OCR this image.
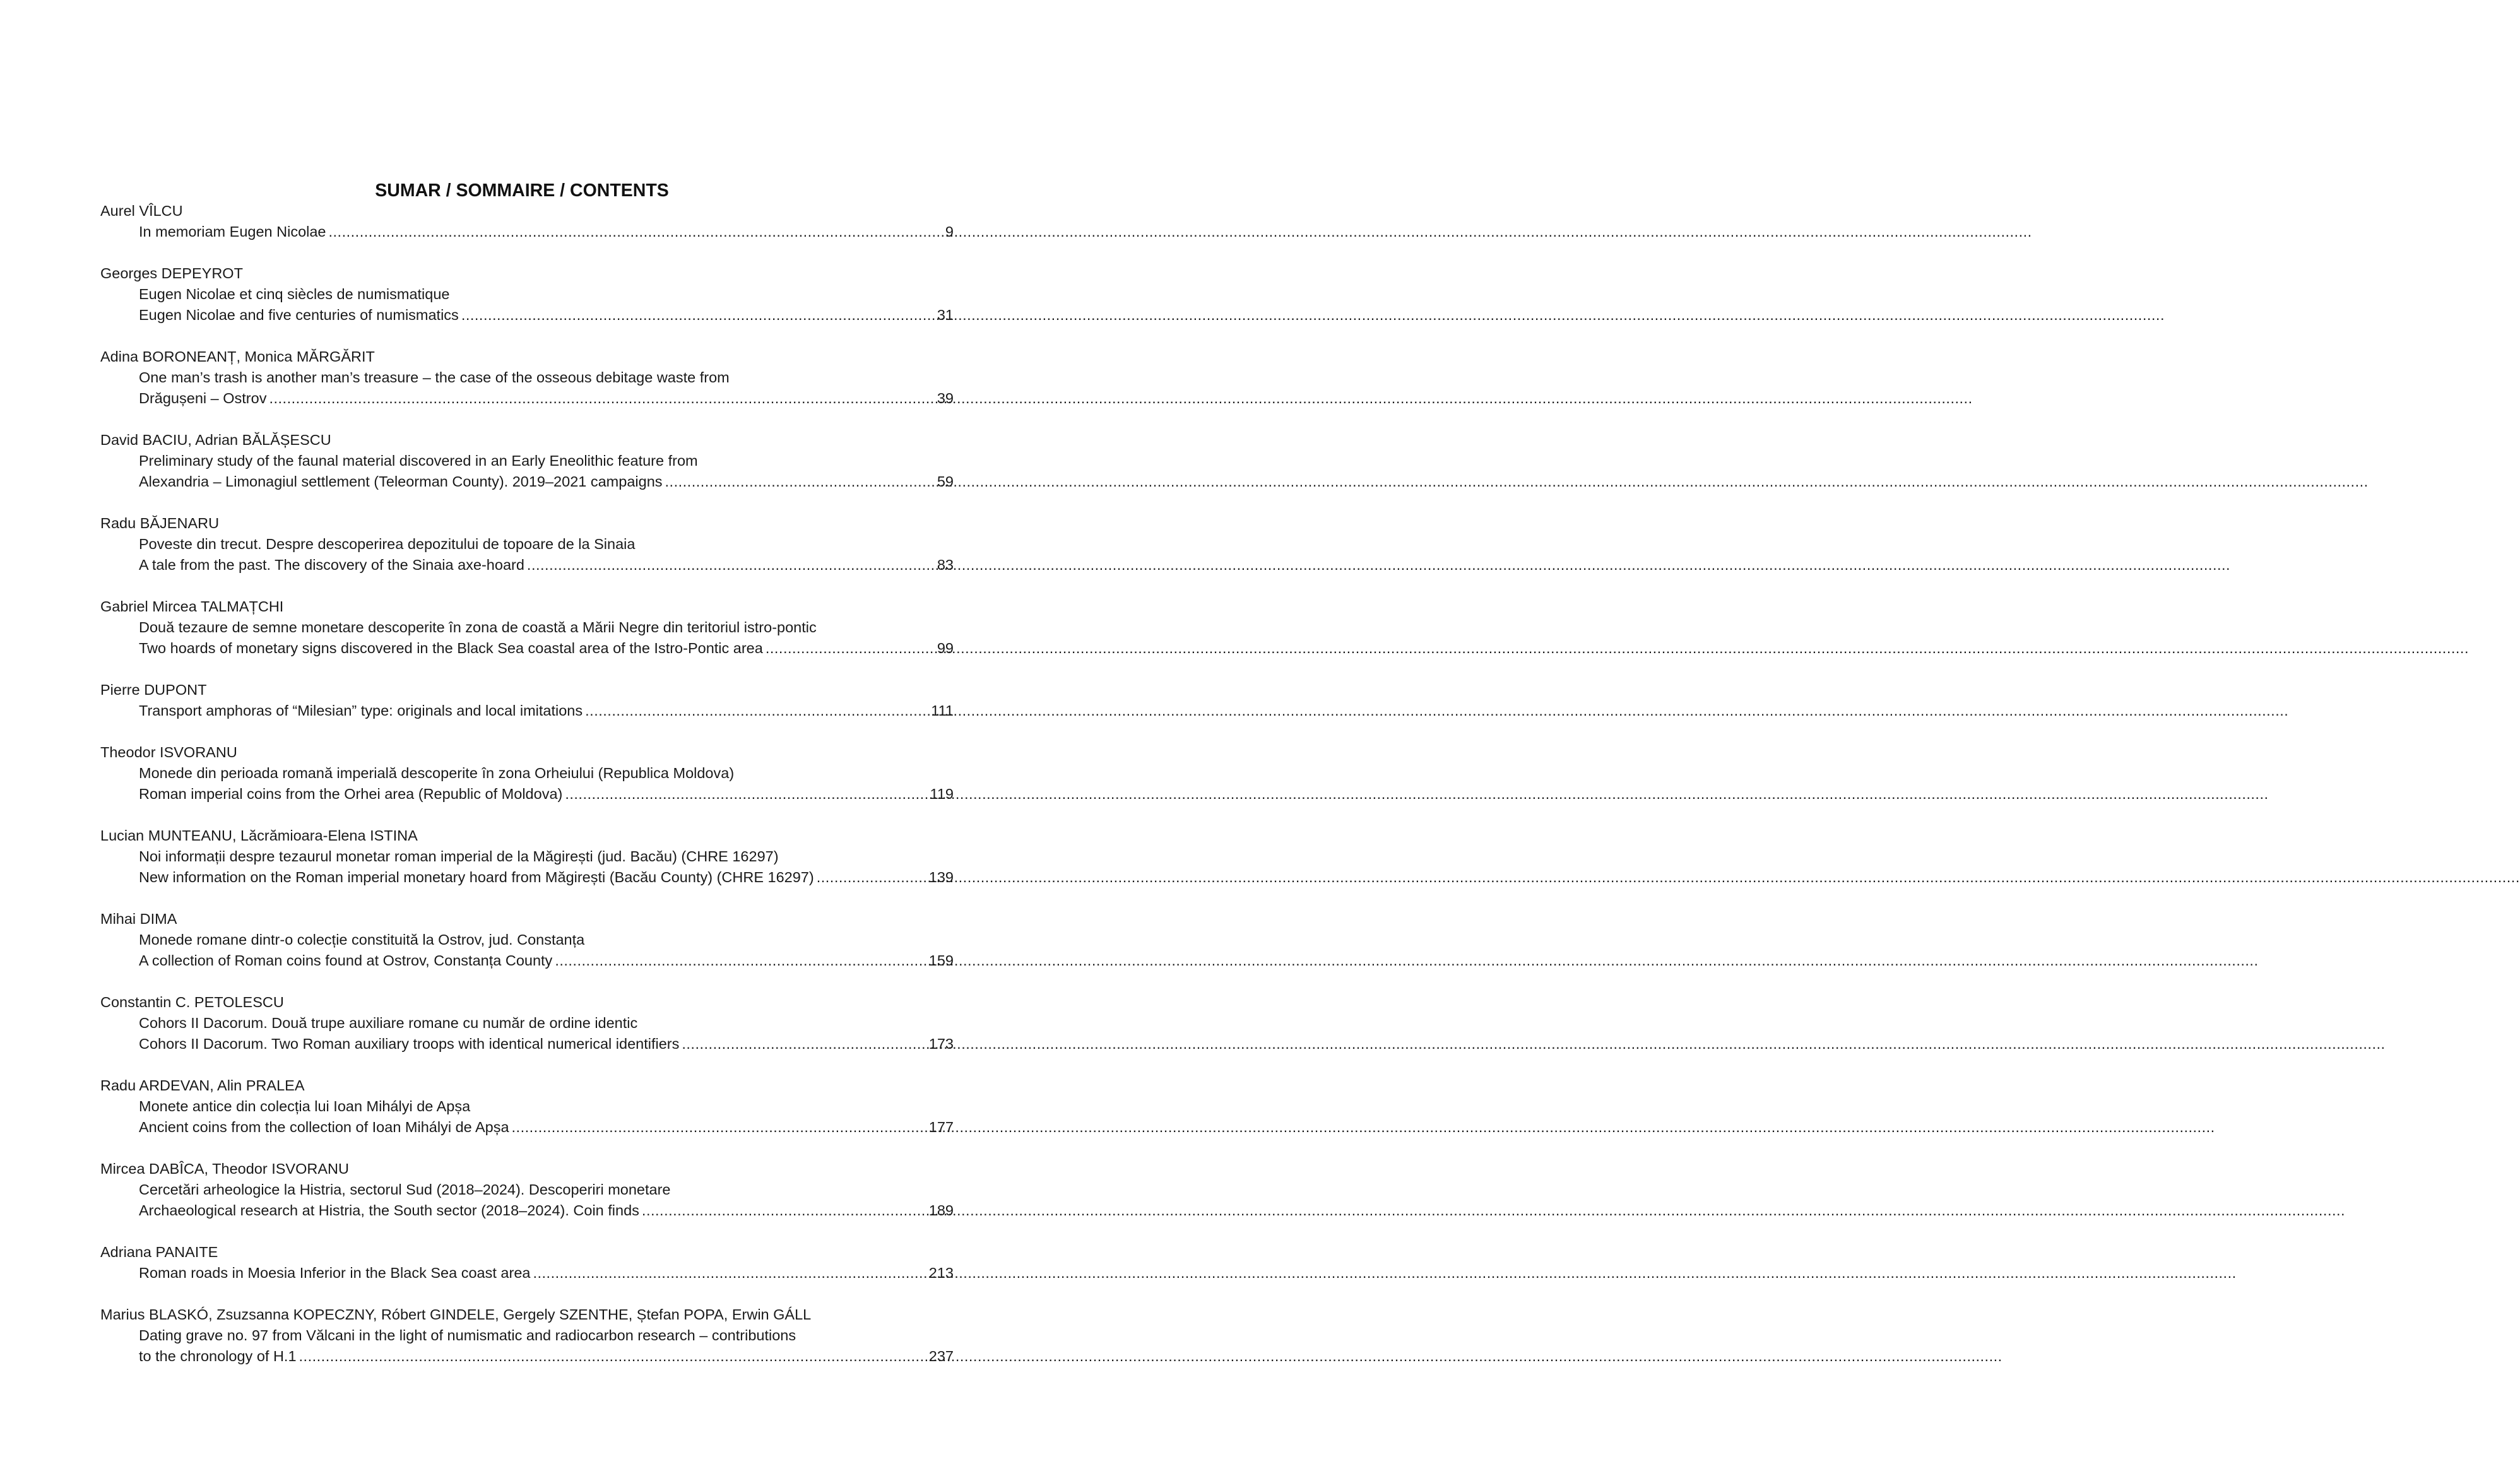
SUMAR / SOMMAIRE / CONTENTS
Aurel VÎLCU
In memoriam Eugen Nicolae .....	9
Georges DEPEYROT
Eugen Nicolae et cinq siècles de numismatique
Eugen Nicolae and five centuries of numismatics .....	31
Adina BORONEANȚ, Monica MĂRGĂRIT
One man’s trash is another man’s treasure – the case of the osseous debitage waste from
Drăgușeni – Ostrov .....	39
David BACIU, Adrian BĂLĂȘESCU
Preliminary study of the faunal material discovered in an Early Eneolithic feature from
Alexandria – Limonagiul settlement (Teleorman County). 2019–2021 campaigns .....	59
Radu BĂJENARU
Poveste din trecut. Despre descoperirea depozitului de topoare de la Sinaia
A tale from the past. The discovery of the Sinaia axe-hoard .....	83
Gabriel Mircea TALMAȚCHI
Două tezaure de semne monetare descoperite în zona de coastă a Mării Negre din teritoriul istro-pontic
Two hoards of monetary signs discovered in the Black Sea coastal area of the Istro-Pontic area .....	99
Pierre DUPONT
Transport amphoras of “Milesian” type: originals and local imitations .....	111
Theodor ISVORANU
Monede din perioada romană imperială descoperite în zona Orheiului (Republica Moldova)
Roman imperial coins from the Orhei area (Republic of Moldova) .....	119
Lucian MUNTEANU, Lăcrămioara-Elena ISTINA
Noi informații despre tezaurul monetar roman imperial de la Măgirești (jud. Bacău) (CHRE 16297)
New information on the Roman imperial monetary hoard from Măgirești (Bacău County) (CHRE 16297) .....	139
Mihai DIMA
Monede romane dintr-o colecție constituită la Ostrov, jud. Constanța
A collection of Roman coins found at Ostrov, Constanța County .....	159
Constantin C. PETOLESCU
Cohors II Dacorum. Două trupe auxiliare romane cu număr de ordine identic
Cohors II Dacorum. Two Roman auxiliary troops with identical numerical identifiers .....	173
Radu ARDEVAN, Alin PRALEA
Monete antice din colecția lui Ioan Mihályi de Apșa
Ancient coins from the collection of Ioan Mihályi de Apșa .....	177
Mircea DABÎCA, Theodor ISVORANU
Cercetări arheologice la Histria, sectorul Sud (2018–2024). Descoperiri monetare
Archaeological research at Histria, the South sector (2018–2024). Coin finds .....	189
Adriana PANAITE
Roman roads in Moesia Inferior in the Black Sea coast area .....	213
Marius BLASKÓ, Zsuzsanna KOPECZNY, Róbert GINDELE, Gergely SZENTHE, Ștefan POPA, Erwin GÁLL
Dating grave no. 97 from Vălcani in the light of numismatic and radiocarbon research – contributions
to the chronology of H.1 .....	237
